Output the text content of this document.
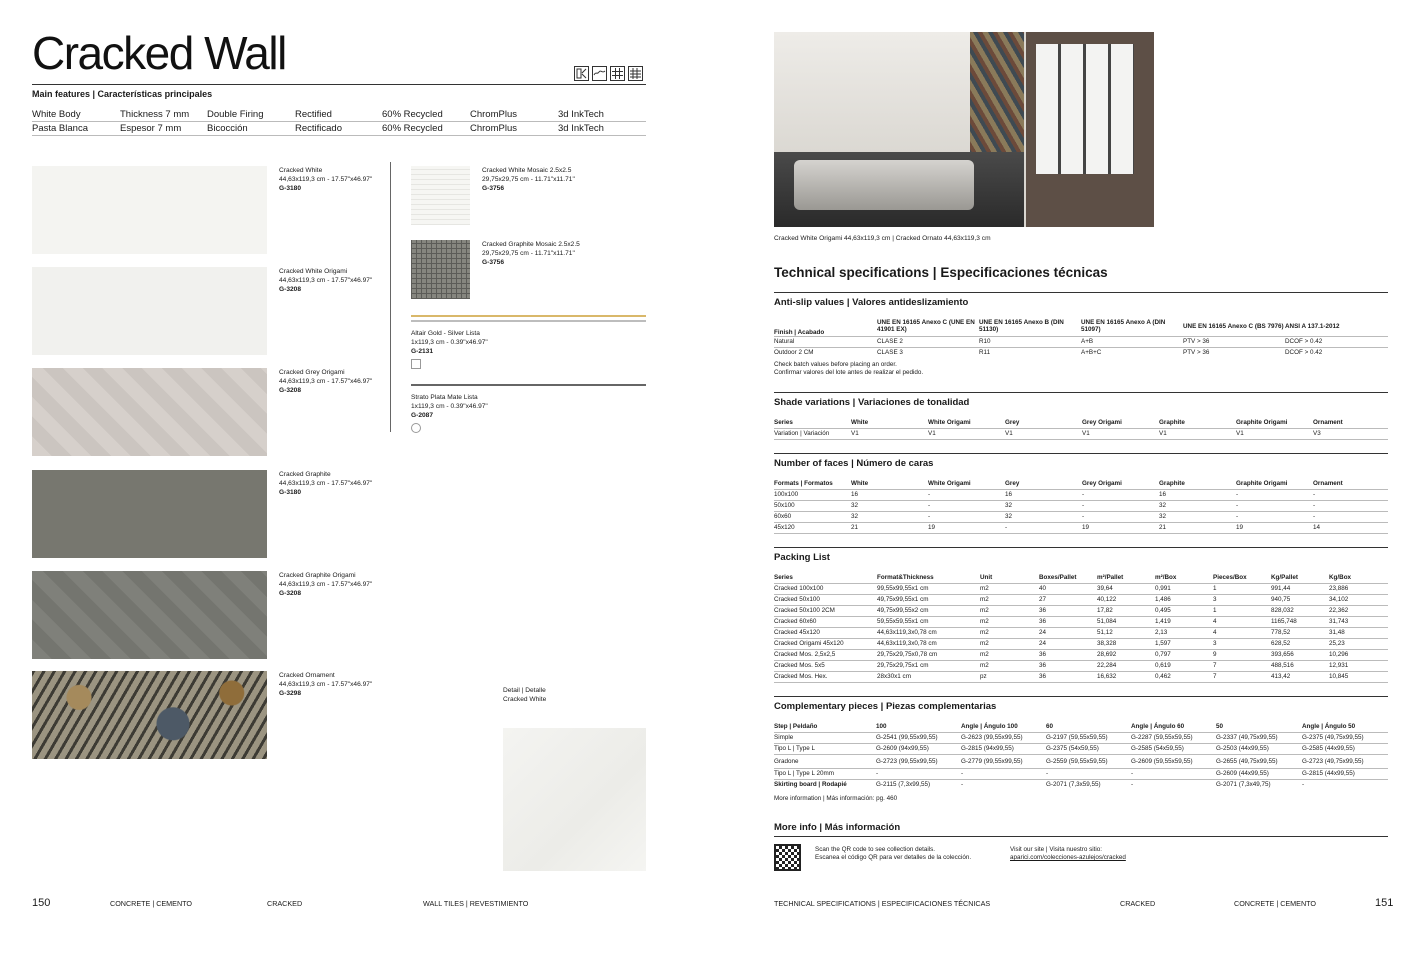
Cracked Wall
Main features | Características principales
White Body	Thickness 7 mm Double Firing	Rectified	60% Recycled	ChromPlus	3d InkTech
Pasta Blanca	Espesor 7 mm	Bicocción	Rectificado	60% Recycled	ChromPlus	3d InkTech
Cracked White
44,63x119,3 cm - 17.57"x46.97"
G-3180
Cracked White Origami
44,63x119,3 cm - 17.57"x46.97"
G-3208
Cracked Grey Origami
44,63x119,3 cm - 17.57"x46.97"
G-3208
Cracked Graphite
44,63x119,3 cm - 17.57"x46.97"
G-3180
Cracked Graphite Origami
44,63x119,3 cm - 17.57"x46.97"
G-3208
Cracked Ornament
44,63x119,3 cm - 17.57"x46.97"
G-3298
Cracked White Mosaic 2.5x2.5
29,75x29,75 cm - 11.71"x11.71"
G-3756
Cracked Graphite Mosaic 2.5x2.5
29,75x29,75 cm - 11.71"x11.71"
G-3756
Altair Gold - Silver Lista
1x119,3 cm - 0.39"x46.97"
G-2131
Strato Plata Mate Lista
1x119,3 cm - 0.39"x46.97"
G-2087
Detail | Detalle
Cracked White
150	CONCRETE | CEMENTO	CRACKED	WALL TILES | REVESTIMIENTO
Cracked White Origami 44,63x119,3 cm | Cracked Ornato 44,63x119,3 cm
Technical specifications | Especificaciones técnicas
Anti-slip values | Valores antideslizamiento
Finish | Acabado	UNE EN 16165 Anexo C (UNE EN 41901 EX)	UNE EN 16165 Anexo B (DIN 51130)	UNE EN 16165 Anexo A (DIN 51097)	UNE EN 16165 Anexo C (BS 7976)	ANSI A 137.1-2012
Natural	CLASE 2	R10	A+B	PTV > 36	DCOF > 0.42
Outdoor 2 CM	CLASE 3	R11	A+B+C	PTV > 36	DCOF > 0.42
Check batch values before placing an order.
Confirmar valores del lote antes de realizar el pedido.
Shade variations | Variaciones de tonalidad
Series	White	White Origami	Grey	Grey Origami	Graphite	Graphite Origami	Ornament
Variation | Variación	V1	V1	V1	V1	V1	V1	V3
Number of faces | Número de caras
Formats | Formatos	White	White Origami	Grey	Grey Origami	Graphite	Graphite Origami	Ornament
100x100	16	-	16	-	16	-	-
50x100	32	-	32	-	32	-	-
60x60	32	-	32	-	32	-	-
45x120	21	19	-	19	21	19	14
Packing List
Series	Format&Thickness	Unit	Boxes/Pallet	m²/Pallet	m²/Box	Pieces/Box	Kg/Pallet	Kg/Box
Cracked 100x100	99,55x99,55x1 cm	m2	40	39,64	0,991	1	991,44	23,886
Cracked 50x100	49,75x99,55x1 cm	m2	27	40,122	1,486	3	940,75	34,102
Cracked 50x100 2CM	49,75x99,55x2 cm	m2	36	17,82	0,495	1	828,032	22,362
Cracked 60x60	59,55x59,55x1 cm	m2	36	51,084	1,419	4	1165,748	31,743
Cracked 45x120	44,63x119,3x0,78 cm	m2	24	51,12	2,13	4	778,52	31,48
Cracked Origami 45x120	44,63x119,3x0,78 cm	m2	24	38,328	1,597	3	628,52	25,23
Cracked Mos. 2,5x2,5	29,75x29,75x0,78 cm	m2	36	28,692	0,797	9	393,656	10,296
Cracked Mos. 5x5	29,75x29,75x1 cm	m2	36	22,284	0,619	7	488,516	12,931
Cracked Mos. Hex.	28x30x1 cm	pz	36	16,632	0,462	7	413,42	10,845
Complementary pieces | Piezas complementarias
Step | Peldaño	100	Angle | Ángulo 100	60	Angle | Ángulo 60	50	Angle | Ángulo 50
Simple	G-2541 (99,55x99,55)	G-2623 (99,55x99,55)	G-2197 (59,55x59,55)	G-2287 (59,55x59,55)	G-2337 (49,75x99,55)	G-2375 (49,75x99,55)
Tipo L | Type L	G-2609 (94x99,55)	G-2815 (94x99,55)	G-2375 (54x59,55)	G-2585 (54x59,55)	G-2503 (44x99,55)	G-2585 (44x99,55)
Gradone	G-2723 (99,55x99,55)	G-2779 (99,55x99,55)	G-2559 (59,55x59,55)	G-2609 (59,55x59,55)	G-2655 (49,75x99,55)	G-2723 (49,75x99,55)
Tipo L | Type L 20mm	-	-	-	-	G-2609 (44x99,55)	G-2815 (44x99,55)
Skirting board | Rodapié	G-2115 (7,3x99,55)	-	G-2071 (7,3x59,55)	-	G-2071 (7,3x49,75)	-
More information | Más información: pg. 460
More info | Más información
Scan the QR code to see collection details.
Escanea el código QR para ver detalles de la colección.
Visit our site | Visita nuestro sitio:
aparici.com/colecciones-azulejos/cracked
TECHNICAL SPECIFICATIONS | ESPECIFICACIONES TÉCNICAS	CRACKED	CONCRETE | CEMENTO	151
